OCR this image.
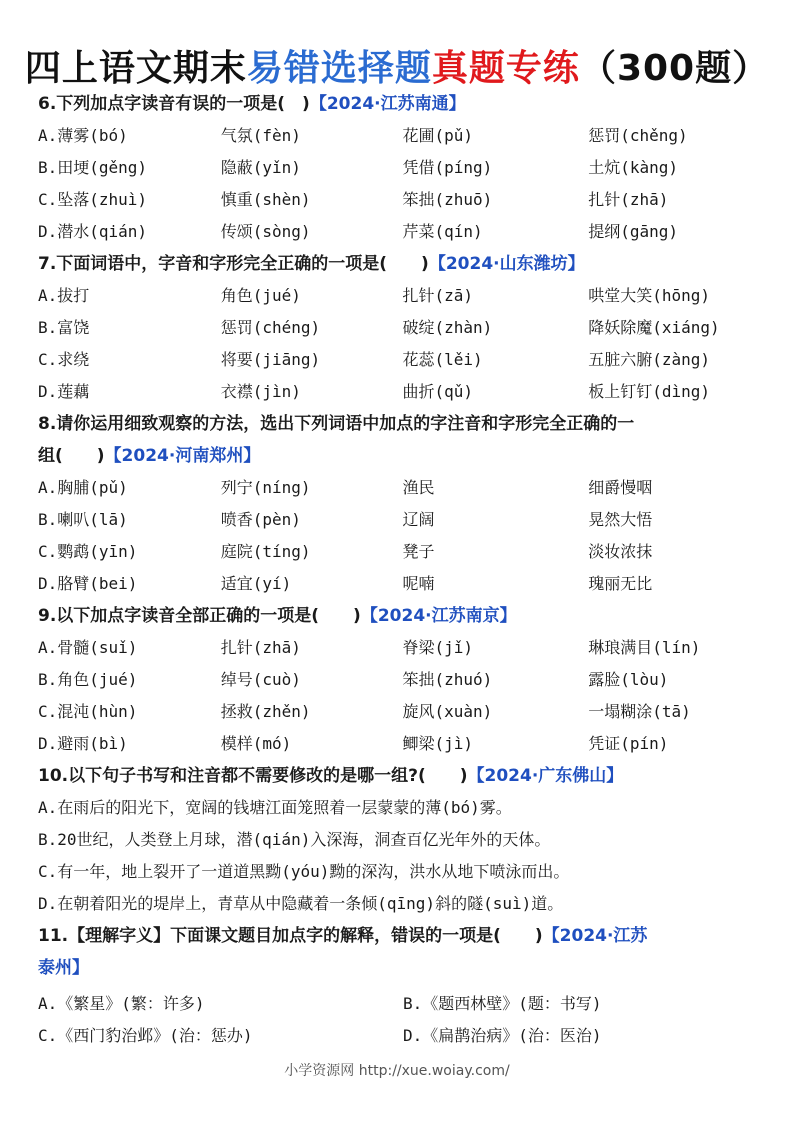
四上语文期末易错选择题真题专练（300题）
6.下列加点字读音有误的一项是(　)【2024·江苏南通】
A.薄雾(bó)	气氛(fèn)	花圃(pǔ)	惩罚(chěng)
B.田埂(gěng)	隐蔽(yǐn)	凭借(píng)	土炕(kàng)
C.坠落(zhuì)	慎重(shèn)	笨拙(zhuō)	扎针(zhā)
D.潜水(qián)	传颂(sòng)	芹菜(qín)	提纲(gāng)
7.下面词语中，字音和字形完全正确的一项是(　　)【2024·山东潍坊】
A.拔打	角色(jué)	扎针(zā)	哄堂大笑(hōng)
B.富饶	惩罚(chéng)	破绽(zhàn)	降妖除魔(xiáng)
C.求绕	将要(jiāng)	花蕊(lěi)	五脏六腑(zàng)
D.莲藕	衣襟(jìn)	曲折(qǔ)	板上钉钉(dìng)
8.请你运用细致观察的方法，选出下列词语中加点的字注音和字形完全正确的一
组(　　)【2024·河南郑州】
A.胸脯(pǔ)	列宁(níng)	渔民	细爵慢咽
B.喇叭(lā)	喷香(pèn)	辽阔	晃然大悟
C.鹦鹉(yīn)	庭院(tíng)	凳子	淡妆浓抹
D.胳臂(bei)	适宜(yí)	呢喃	瑰丽无比
9.以下加点字读音全部正确的一项是(　　)【2024·江苏南京】
A.骨髓(suǐ)	扎针(zhā)	脊梁(jǐ)	琳琅满目(lín)
B.角色(jué)	绰号(cuò)	笨拙(zhuó)	露脸(lòu)
C.混沌(hùn)	拯救(zhěn)	旋风(xuàn)	一塌糊涂(tā)
D.避雨(bì)	模样(mó)	鲫梁(jì)	凭证(pín)
10.以下句子书写和注音都不需要修改的是哪一组?(　　)【2024·广东佛山】
A.在雨后的阳光下，宽阔的钱塘江面笼照着一层蒙蒙的薄(bó)雾。
B.20世纪，人类登上月球，潜(qián)入深海，洞查百亿光年外的天体。
C.有一年，地上裂开了一道道黑黝(yóu)黝的深沟，洪水从地下喷泳而出。
D.在朝着阳光的堤岸上，青草从中隐藏着一条倾(qīng)斜的隧(suì)道。
11.【理解字义】下面课文题目加点字的解释，错误的一项是(　　)【2024·江苏
泰州】
A.《繁星》(繁：许多)	B.《题西林壁》(题：书写)
C.《西门豹治邺》(治：惩办)	D.《扁鹊治病》(治：医治)
小学资源网 http://xue.woiay.com/
